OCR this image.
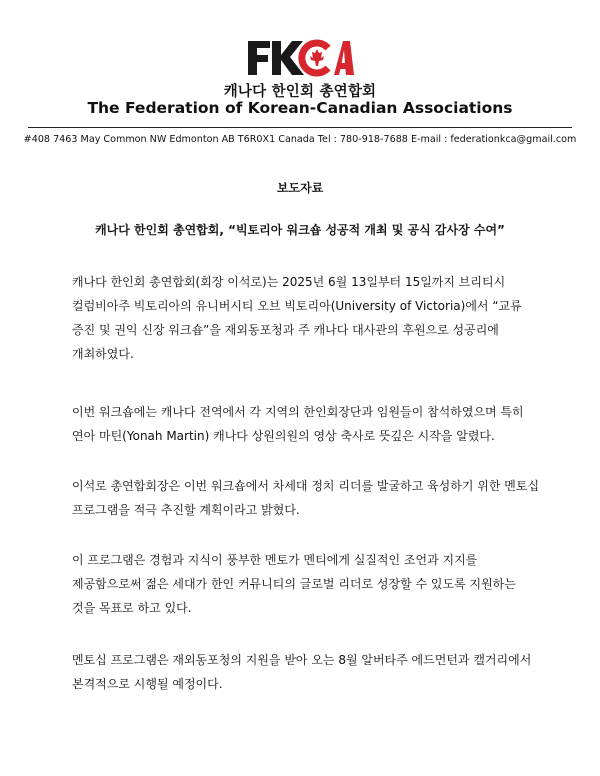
캐나다 한인회 총연합회
The Federation of Korean-Canadian Associations
#408 7463 May Common NW Edmonton AB T6R0X1 Canada Tel : 780-918-7688 E-mail : federationkca@gmail.com
보도자료
캐나다 한인회 총연합회, “빅토리아 워크숍 성공적 개최 및 공식 감사장 수여”

캐나다 한인회 총연합회(회장 이석로)는 2025년 6월 13일부터 15일까지 브리티시 컬럼비아주 빅토리아의 유니버시티 오브 빅토리아(University of Victoria)에서 “교류 증진 및 권익 신장 워크숍”을 재외동포청과 주 캐나다 대사관의 후원으로 성공리에 개최하였다.

이번 워크숍에는 캐나다 전역에서 각 지역의 한인회장단과 임원들이 참석하였으며 특히 연아 마틴(Yonah Martin) 캐나다 상원의원의 영상 축사로 뜻깊은 시작을 알렸다.

이석로 총연합회장은 이번 워크숍에서 차세대 정치 리더를 발굴하고 육성하기 위한 멘토십 프로그램을 적극 추진할 계획이라고 밝혔다.

이 프로그램은 경험과 지식이 풍부한 멘토가 멘티에게 실질적인 조언과 지지를 제공함으로써 젊은 세대가 한인 커뮤니티의 글로벌 리더로 성장할 수 있도록 지원하는 것을 목표로 하고 있다.

멘토십 프로그램은 재외동포청의 지원을 받아 오는 8월 알버타주 에드먼턴과 캘거리에서 본격적으로 시행될 예정이다.
